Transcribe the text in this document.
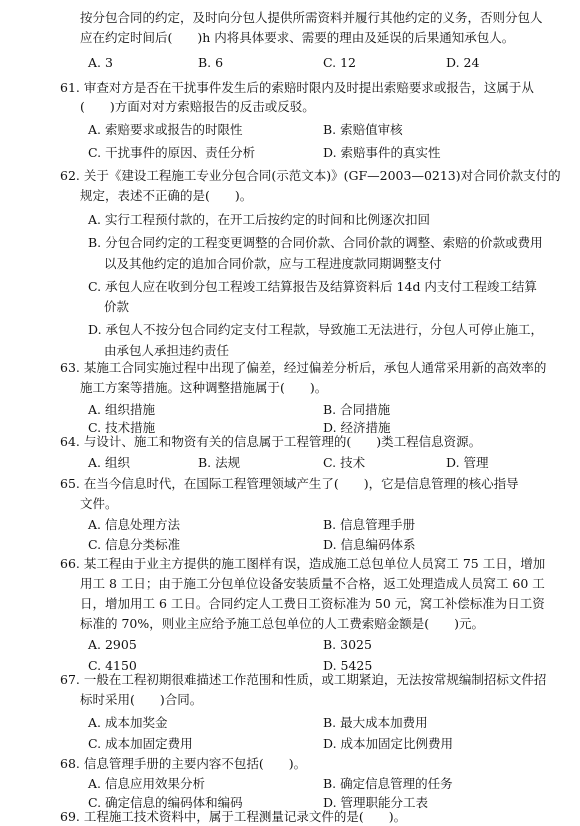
按分包合同的约定，及时向分包人提供所需资料并履行其他约定的义务，否则分包人
应在约定时间后(　　)h 内将具体要求、需要的理由及延误的后果通知承包人。
A. 3	B. 6	C. 12	D. 24
61. 审查对方是否在干扰事件发生后的索赔时限内及时提出索赔要求或报告，这属于从
(　　)方面对对方索赔报告的反击或反驳。
A. 索赔要求或报告的时限性	B. 索赔值审核
C. 干扰事件的原因、责任分析	D. 索赔事件的真实性
62. 关于《建设工程施工专业分包合同(示范文本)》(GF—2003—0213)对合同价款支付的
规定，表述不正确的是(　　)。
A. 实行工程预付款的，在开工后按约定的时间和比例逐次扣回
B. 分包合同约定的工程变更调整的合同价款、合同价款的调整、索赔的价款或费用
以及其他约定的追加合同价款，应与工程进度款同期调整支付
C. 承包人应在收到分包工程竣工结算报告及结算资料后 14d 内支付工程竣工结算
价款
D. 承包人不按分包合同约定支付工程款，导致施工无法进行，分包人可停止施工，
由承包人承担违约责任
63. 某施工合同实施过程中出现了偏差，经过偏差分析后，承包人通常采用新的高效率的
施工方案等措施。这种调整措施属于(　　)。
A. 组织措施	B. 合同措施
C. 技术措施	D. 经济措施
64. 与设计、施工和物资有关的信息属于工程管理的(　　)类工程信息资源。
A. 组织	B. 法规	C. 技术	D. 管理
65. 在当今信息时代，在国际工程管理领域产生了(　　)，它是信息管理的核心指导
文件。
A. 信息处理方法	B. 信息管理手册
C. 信息分类标准	D. 信息编码体系
66. 某工程由于业主方提供的施工图样有误，造成施工总包单位人员窝工 75 工日，增加
用工 8 工日；由于施工分包单位设备安装质量不合格，返工处理造成人员窝工 60 工
日，增加用工 6 工日。合同约定人工费日工资标准为 50 元，窝工补偿标准为日工资
标准的 70%，则业主应给予施工总包单位的人工费索赔金额是(　　)元。
A. 2905	B. 3025
C. 4150	D. 5425
67. 一般在工程初期很难描述工作范围和性质，或工期紧迫，无法按常规编制招标文件招
标时采用(　　)合同。
A. 成本加奖金	B. 最大成本加费用
C. 成本加固定费用	D. 成本加固定比例费用
68. 信息管理手册的主要内容不包括(　　)。
A. 信息应用效果分析	B. 确定信息管理的任务
C. 确定信息的编码体和编码	D. 管理职能分工表
69. 工程施工技术资料中，属于工程测量记录文件的是(　　)。
